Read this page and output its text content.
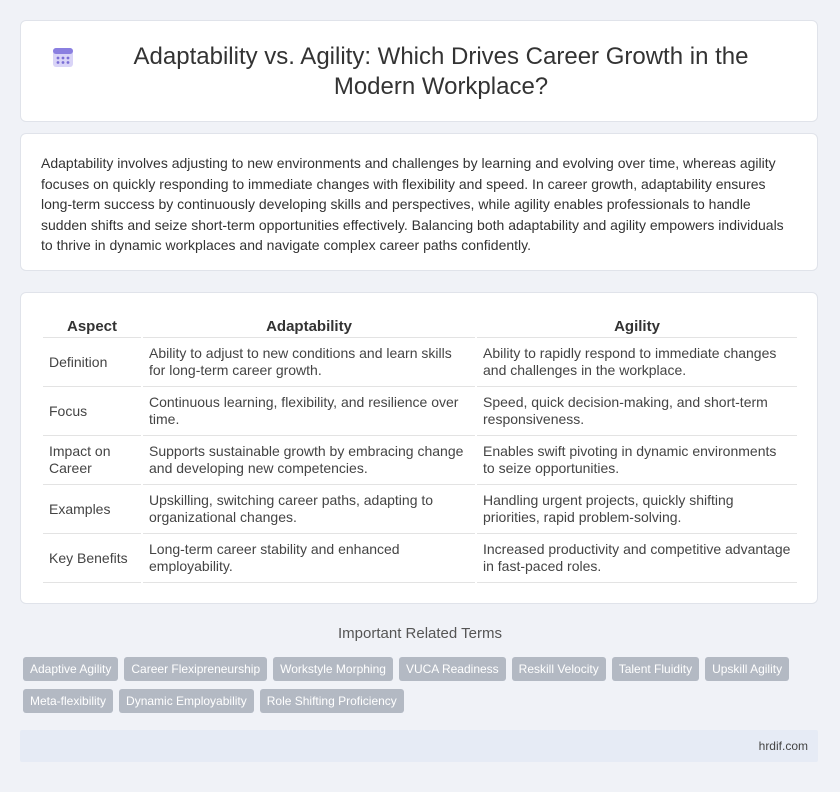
Adaptability vs. Agility: Which Drives Career Growth in the Modern Workplace?

Adaptability involves adjusting to new environments and challenges by learning and evolving over time, whereas agility focuses on quickly responding to immediate changes with flexibility and speed. In career growth, adaptability ensures long-term success by continuously developing skills and perspectives, while agility enables professionals to handle sudden shifts and seize short-term opportunities effectively. Balancing both adaptability and agility empowers individuals to thrive in dynamic workplaces and navigate complex career paths confidently.

Aspect	Adaptability	Agility
Definition	Ability to adjust to new conditions and learn skills for long-term career growth.	Ability to rapidly respond to immediate changes and challenges in the workplace.
Focus	Continuous learning, flexibility, and resilience over time.	Speed, quick decision-making, and short-term responsiveness.
Impact on Career	Supports sustainable growth by embracing change and developing new competencies.	Enables swift pivoting in dynamic environments to seize opportunities.
Examples	Upskilling, switching career paths, adapting to organizational changes.	Handling urgent projects, quickly shifting priorities, rapid problem-solving.
Key Benefits	Long-term career stability and enhanced employability.	Increased productivity and competitive advantage in fast-paced roles.
Important Related Terms
Adaptive Agility	Career Flexipreneurship	Workstyle Morphing	VUCA Readiness	Reskill Velocity	Talent Fluidity	Upskill Agility
Meta-flexibility	Dynamic Employability	Role Shifting Proficiency
hrdif.com
